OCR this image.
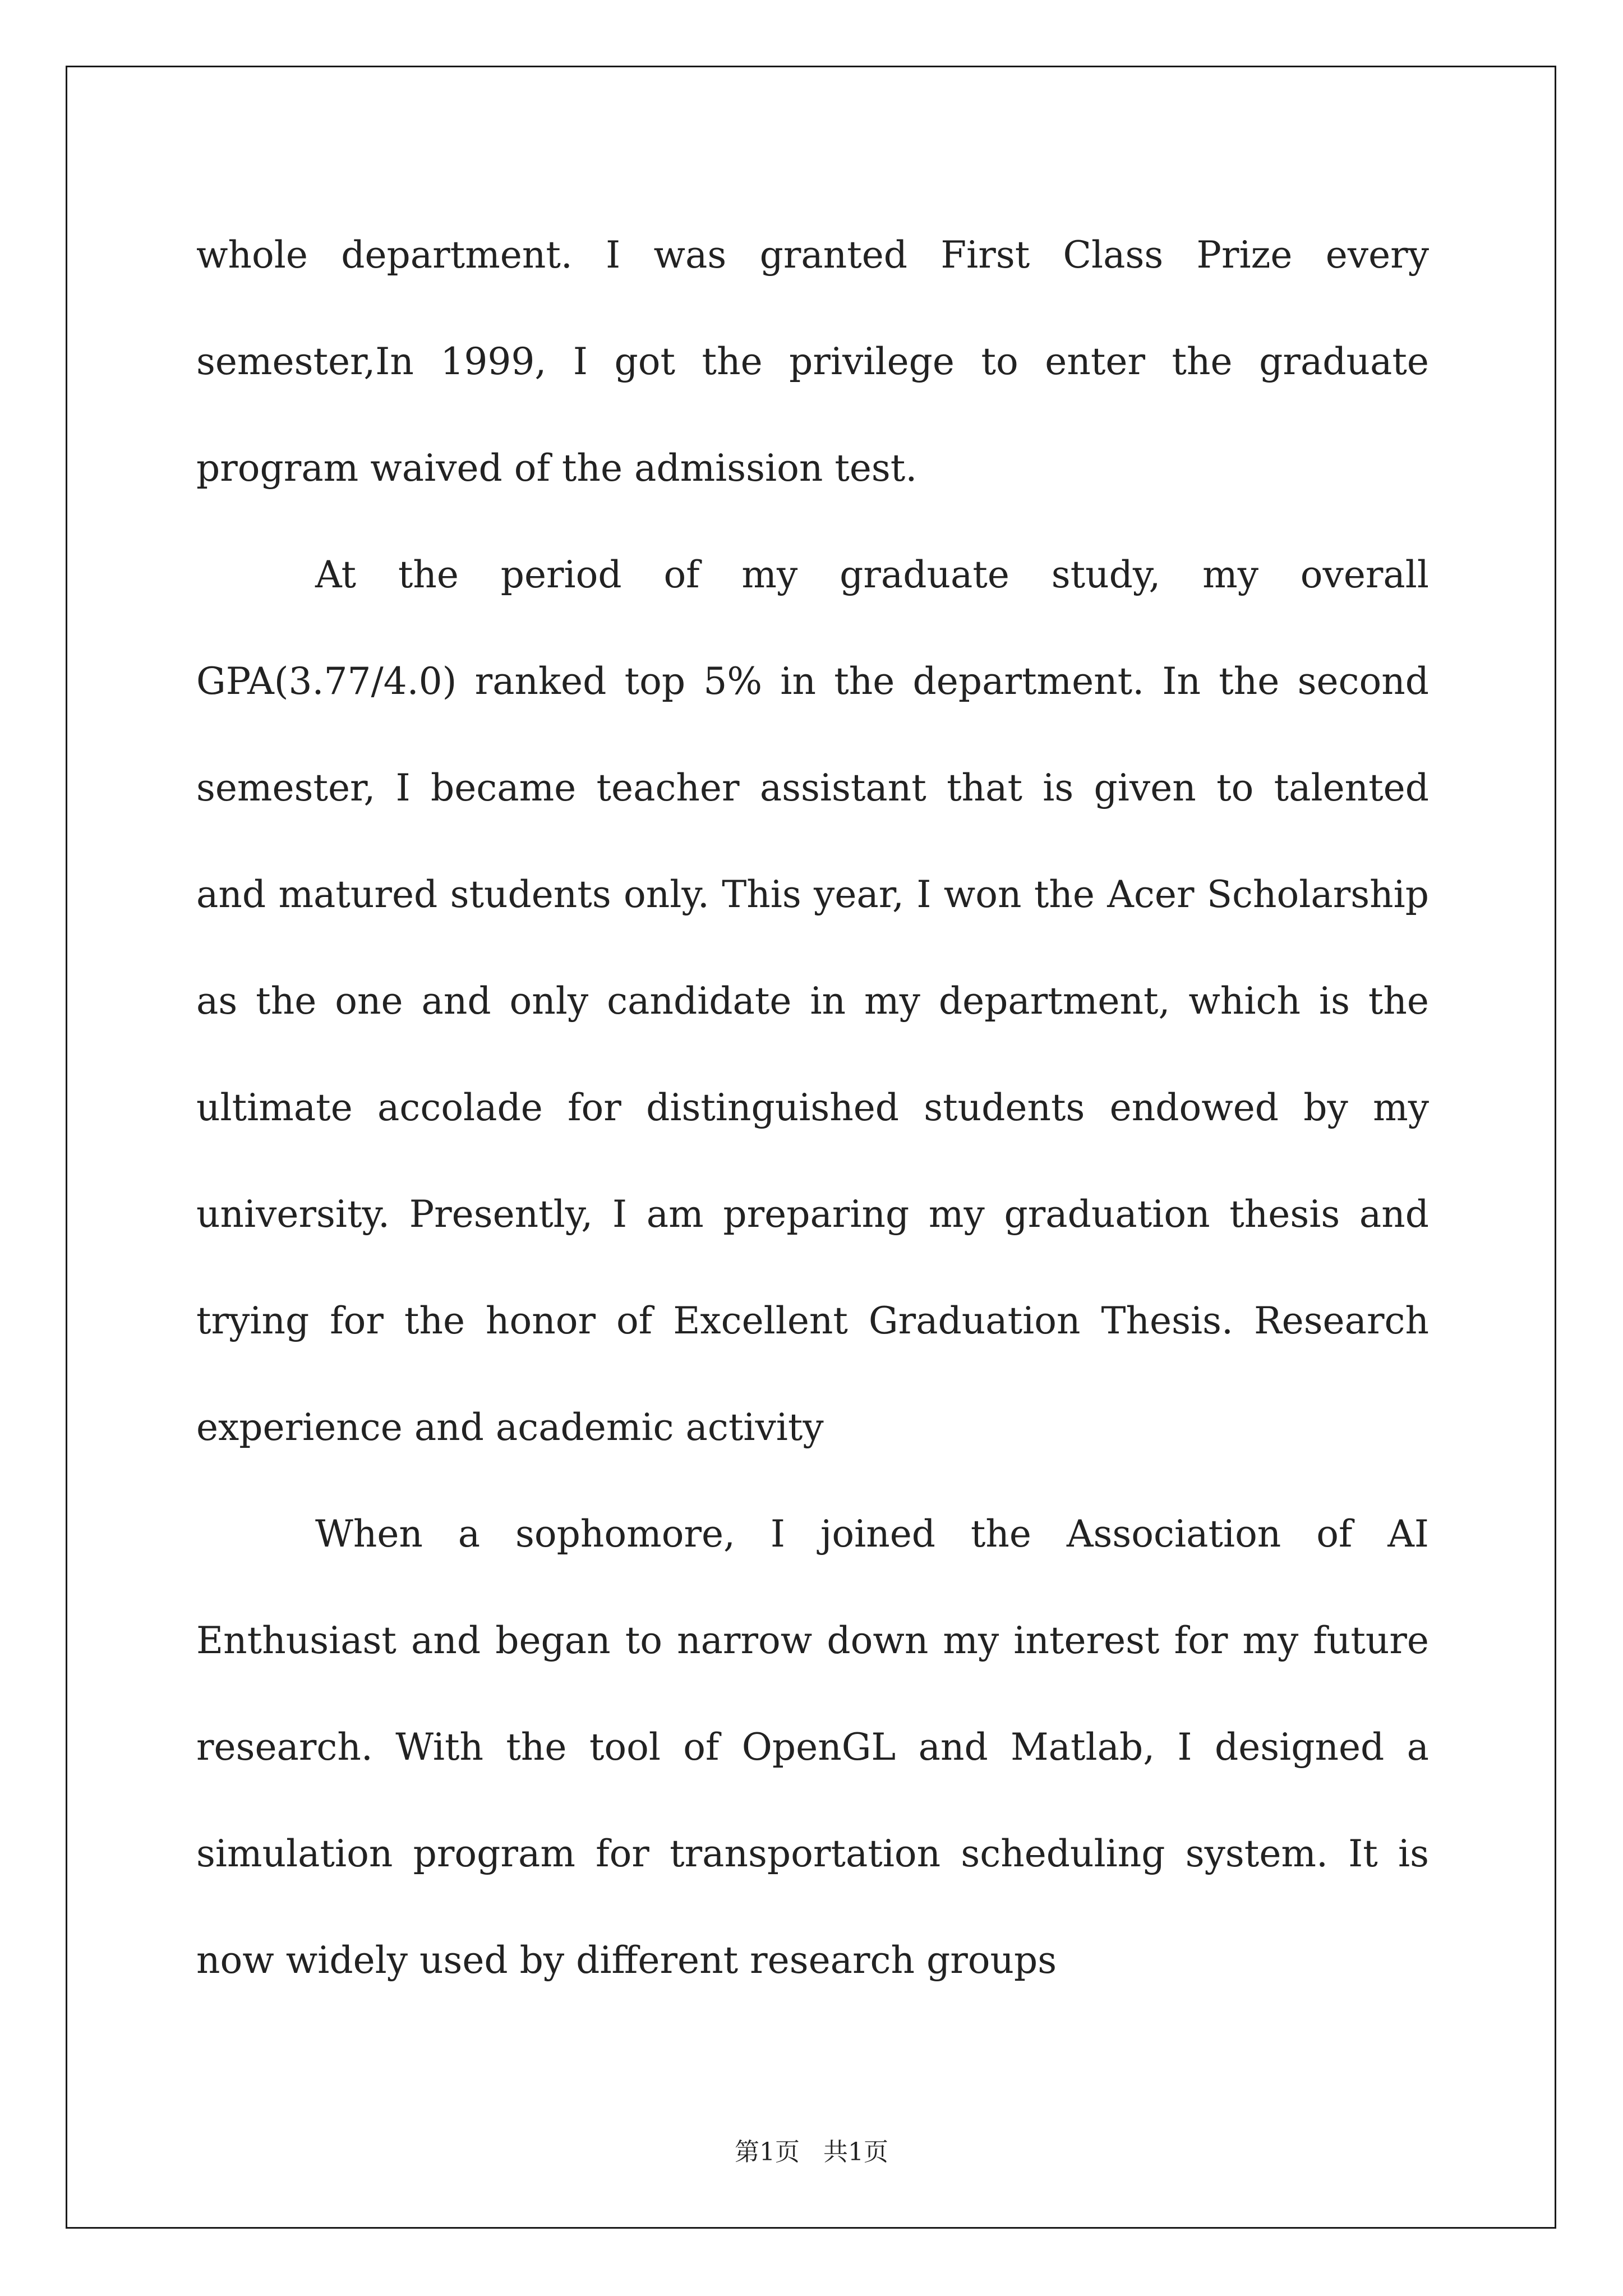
whole department. I was granted First Class Prize every semester,In 1999, I got the privilege to enter the graduate program waived of the admission test.

At the period of my graduate study, my overall GPA(3.77/4.0) ranked top 5% in the department. In the second semester, I became teacher assistant that is given to talented and matured students only. This year, I won the Acer Scholarship as the one and only candidate in my department, which is the ultimate accolade for distinguished students endowed by my university. Presently, I am preparing my graduation thesis and trying for the honor of Excellent Graduation Thesis. Research experience and academic activity

When a sophomore, I joined the Association of AI Enthusiast and began to narrow down my interest for my future research. With the tool of OpenGL and Matlab, I designed a simulation program for transportation scheduling system. It is now widely used by different research groups

第1页   共1页
